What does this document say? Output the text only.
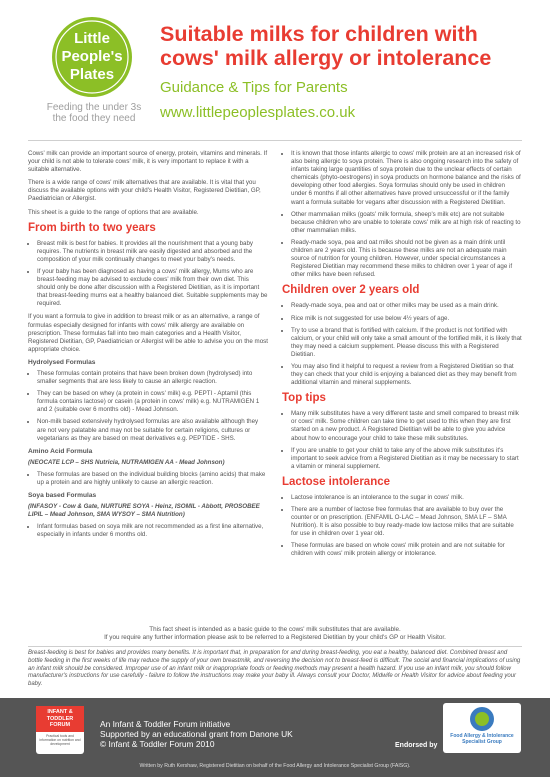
Little
People's
Plates
Feeding the under 3s the food they need
Suitable milks for children with cows' milk allergy or intolerance
Guidance & Tips for Parents
www.littlepeoplesplates.co.uk

Cows' milk can provide an important source of energy, protein, vitamins and minerals. If your child is not able to tolerate cows' milk, it is very important to replace it with a suitable alternative.

There is a wide range of cows' milk alternatives that are available. It is vital that you discuss the available options with your child's Health Visitor, Registered Dietitian, GP, Paediatrician or Allergist.

This sheet is a guide to the range of options that are available.

From birth to two years
• Breast milk is best for babies. It provides all the nourishment that a young baby requires. The nutrients in breast milk are easily digested and absorbed and the composition of your milk continually changes to meet your baby's needs.
• If your baby has been diagnosed as having a cows' milk allergy, Mums who are breast-feeding may be advised to exclude cows' milk from their own diet. This should only be done after discussion with a Registered Dietitian, as it is important that breast-feeding mums eat a healthy balanced diet. Suitable supplements may be required.

If you want a formula to give in addition to breast milk or as an alternative, a range of formulas especially designed for infants with cows' milk allergy are available on prescription. These formulas fall into two main categories and a Health Visitor, Registered Dietitian, GP, Paediatrician or Allergist will be able to advise you on the most appropriate choice.

Hydrolysed Formulas
• These formulas contain proteins that have been broken down (hydrolysed) into smaller segments that are less likely to cause an allergic reaction.
• They can be based on whey (a protein in cows' milk) e.g. PEPTI - Aptamil (this formula contains lactose) or casein (a protein in cows' milk) e.g. NUTRAMIGEN 1 and 2 (suitable over 6 months old) - Mead Johnson.
• Non-milk based extensively hydrolysed formulas are also available although they are not very palatable and may not be suitable for certain religions, cultures or vegetarians as they are based on meat derivatives e.g. PEPTIDE - SHS.
Amino Acid Formula
(NEOCATE LCP – SHS Nutricia, NUTRAMIGEN AA - Mead Johnson)
• These formulas are based on the individual building blocks (amino acids) that make up a protein and are highly unlikely to cause an allergic reaction.
Soya based Formulas
(INFASOY - Cow & Gate, NURTURE SOYA - Heinz, ISOMIL - Abbott, PROSOBEE LIPIL – Mead Johnson, SMA WYSOY – SMA Nutrition)
• Infant formulas based on soya milk are not recommended as a first line alternative, especially in infants under 6 months old.
• It is known that those infants allergic to cows' milk protein are at an increased risk of also being allergic to soya protein. There is also ongoing research into the safety of infants taking large quantities of soya protein due to the unclear effects of certain chemicals (phyto-oestrogens) in soya products on hormone balance and the risks of developing other food allergies. Soya formulas should only be used in children under 6 months if all other alternatives have proved unsuccessful or if the family want a formula suitable for vegans after discussion with a Registered Dietitian.
• Other mammalian milks (goats' milk formula, sheep's milk etc) are not suitable because children who are unable to tolerate cows' milk are at high risk of reacting to other mammalian milks.
• Ready-made soya, pea and oat milks should not be given as a main drink until children are 2 years old. This is because these milks are not an adequate main source of nutrition for young children. However, under special circumstances a Registered Dietitian may recommend these milks to children over 1 year of age if other milks have been refused.
Children over 2 years old
• Ready-made soya, pea and oat or other milks may be used as a main drink.
• Rice milk is not suggested for use below 4½ years of age.
• Try to use a brand that is fortified with calcium. If the product is not fortified with calcium, or your child will only take a small amount of the fortified milk, it is likely that they may need a calcium supplement. Please discuss this with a Registered Dietitian.
• You may also find it helpful to request a review from a Registered Dietitian so that they can check that your child is enjoying a balanced diet as they may benefit from additional vitamin and mineral supplements.
Top tips
• Many milk substitutes have a very different taste and smell compared to breast milk or cows' milk. Some children can take time to get used to this when they are first started on a new product. A Registered Dietitian will be able to give you advice about how to encourage your child to take these milk substitutes.
• If you are unable to get your child to take any of the above milk substitutes it's important to seek advice from a Registered Dietitian as it may be necessary to start a vitamin or mineral supplement.
Lactose intolerance
• Lactose intolerance is an intolerance to the sugar in cows' milk.
• There are a number of lactose free formulas that are available to buy over the counter or on prescription. (ENFAMIL O-LAC – Mead Johnson, SMA LF – SMA Nutrition). It is also possible to buy ready-made low lactose milks that are suitable for use in children over 1 year old.
• These formulas are based on whole cows' milk protein and are not suitable for children with cows' milk protein allergy or intolerance.
This fact sheet is intended as a basic guide to the cows' milk substitutes that are available.
If you require any further information please ask to be referred to a Registered Dietitian by your child's GP or Health Visitor.
Breast-feeding is best for babies and provides many benefits. It is important that, in preparation for and during breast-feeding, you eat a healthy, balanced diet. Combined breast and bottle feeding in the first weeks of life may reduce the supply of your own breastmilk, and reversing the decision not to breast-feed is difficult. The social and financial implications of using an infant milk should be considered. Improper use of an infant milk or inappropriate foods or feeding methods may present a health hazard. If you use an infant milk, you should follow manufacturer's instructions for use carefully - failure to follow the instructions may make your baby ill. Always consult your Doctor, Midwife or Health Visitor for advice about feeding your baby.
INFANT &
TODDLER
FORUM
Practical tools and information on nutrition and development
An Infant & Toddler Forum initiative
Supported by an educational grant from Danone UK
© Infant & Toddler Forum 2010	Endorsed by
Food Allergy & Intolerance
Specialist Group
Written by Ruth Kershaw, Registered Dietitian on behalf of the Food Allergy and Intolerance Specialist Group (FAISG).
